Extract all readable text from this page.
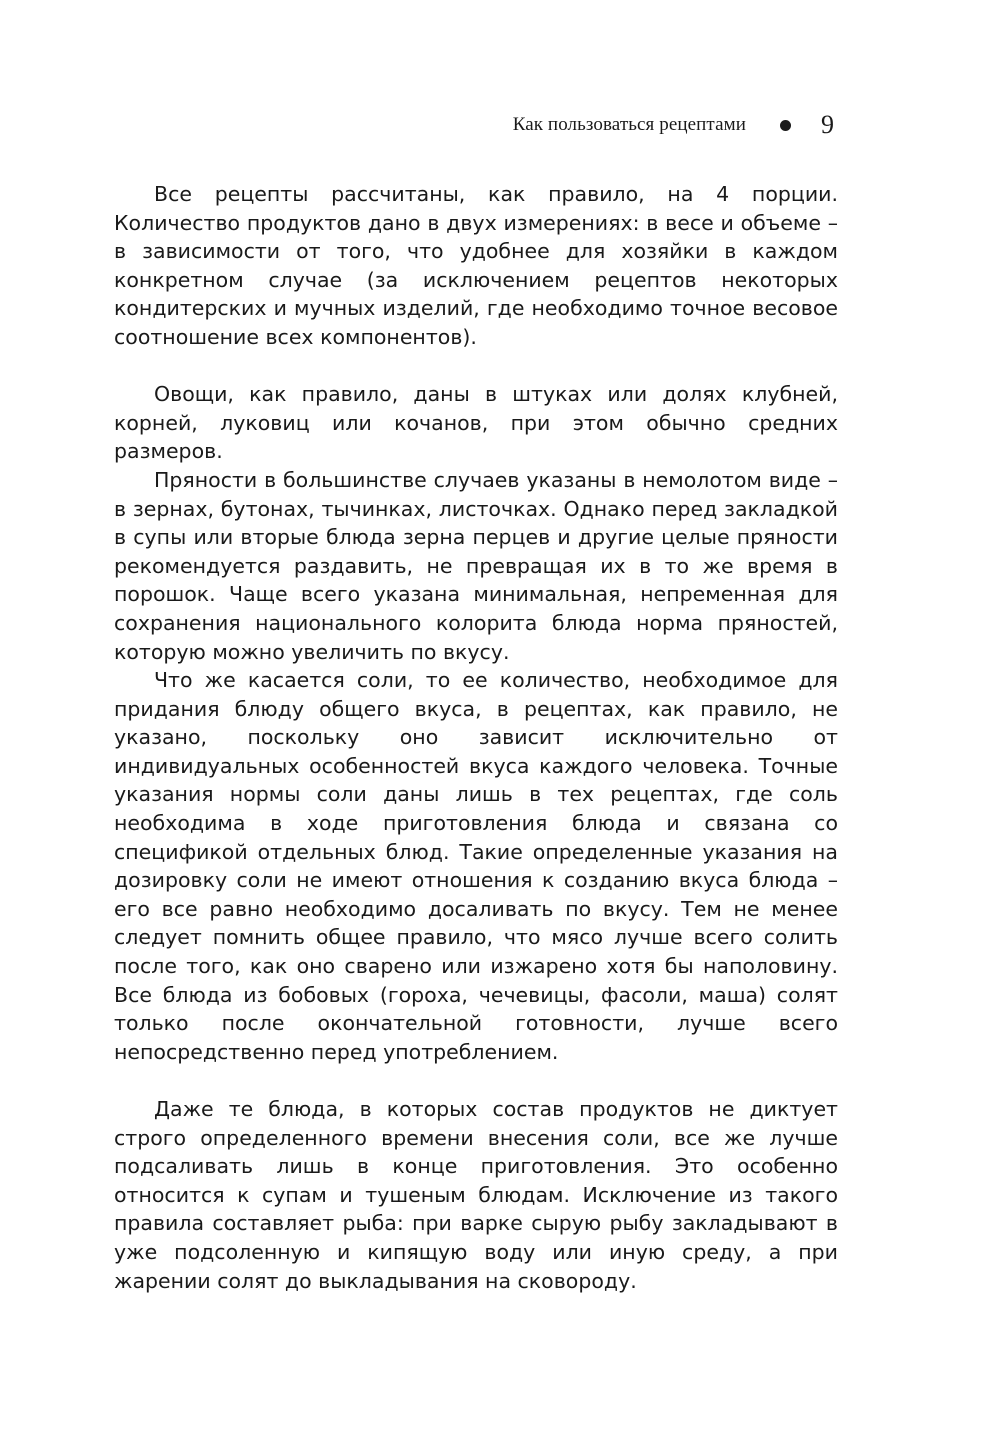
Как пользоваться рецептами	9

Все рецепты рассчитаны, как правило, на 4 порции. Количество продуктов дано в двух измерениях: в весе и объеме – в зависимости от того, что удобнее для хозяйки в каждом конкретном случае (за исключением рецептов некоторых кондитерских и мучных изделий, где необходимо точное весовое соотношение всех компонентов).

Овощи, как правило, даны в штуках или долях клубней, корней, луковиц или кочанов, при этом обычно средних размеров.

Пряности в большинстве случаев указаны в немолотом виде – в зернах, бутонах, тычинках, листочках. Однако перед закладкой в супы или вторые блюда зерна перцев и другие целые пряности рекомендуется раздавить, не превращая их в то же время в порошок. Чаще всего указана минимальная, непременная для сохранения национального колорита блюда норма пряностей, которую можно увеличить по вкусу.

Что же касается соли, то ее количество, необходимое для придания блюду общего вкуса, в рецептах, как правило, не указано, поскольку оно зависит исключительно от индивидуальных особенностей вкуса каждого человека. Точные указания нормы соли даны лишь в тех рецептах, где соль необходима в ходе приготовления блюда и связана со спецификой отдельных блюд. Такие определенные указания на дозировку соли не имеют отношения к созданию вкуса блюда – его все равно необходимо досаливать по вкусу. Тем не менее следует помнить общее правило, что мясо лучше всего солить после того, как оно сварено или изжарено хотя бы наполовину. Все блюда из бобовых (гороха, чечевицы, фасоли, маша) солят только после окончательной готовности, лучше всего непосредственно перед употреблением.

Даже те блюда, в которых состав продуктов не диктует строго определенного времени внесения соли, все же лучше подсаливать лишь в конце приготовления. Это особенно относится к супам и тушеным блюдам. Исключение из такого правила составляет рыба: при варке сырую рыбу закладывают в уже подсоленную и кипящую воду или иную среду, а при жарении солят до выкладывания на сковороду.
